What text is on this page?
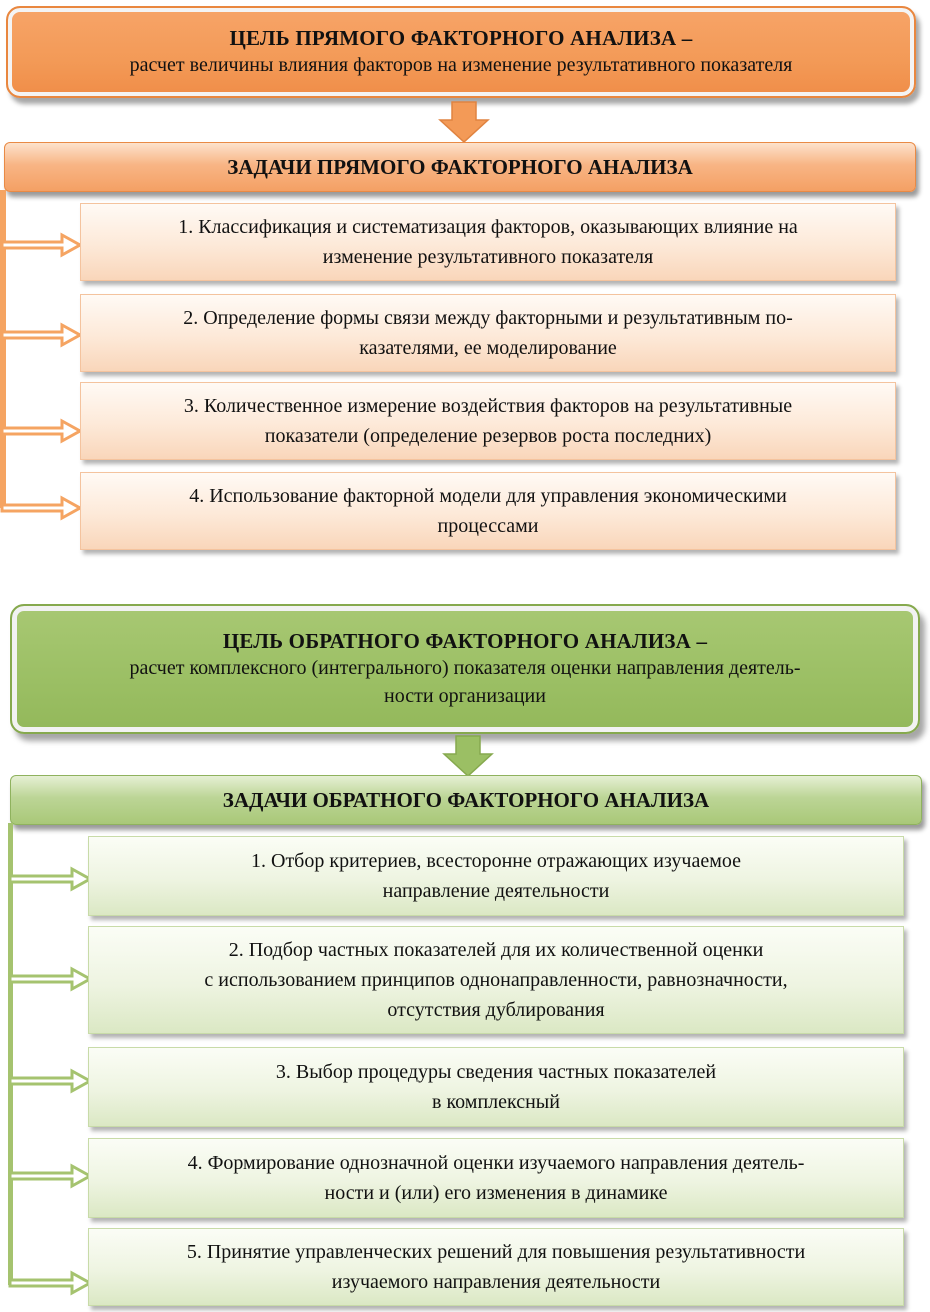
ЦЕЛЬ ПРЯМОГО ФАКТОРНОГО АНАЛИЗА –
расчет величины влияния факторов на изменение результативного показателя
ЗАДАЧИ ПРЯМОГО ФАКТОРНОГО АНАЛИЗА
1. Классификация и систематизация факторов, оказывающих влияние на
изменение результативного показателя
2. Определение формы связи между факторными и результативным по-
казателями, ее моделирование
3. Количественное измерение воздействия факторов на результативные
показатели (определение резервов роста последних)
4. Использование факторной модели для управления экономическими
процессами
ЦЕЛЬ ОБРАТНОГО ФАКТОРНОГО АНАЛИЗА –
расчет комплексного (интегрального) показателя оценки направления деятель-
ности организации
ЗАДАЧИ ОБРАТНОГО ФАКТОРНОГО АНАЛИЗА
1. Отбор критериев, всесторонне отражающих изучаемое
направление деятельности
2. Подбор частных показателей для их количественной оценки
с использованием принципов однонаправленности, равнозначности,
отсутствия дублирования
3. Выбор процедуры сведения частных показателей
в комплексный
4. Формирование однозначной оценки изучаемого направления деятель-
ности и (или) его изменения в динамике
5. Принятие управленческих решений для повышения результативности
изучаемого направления деятельности
